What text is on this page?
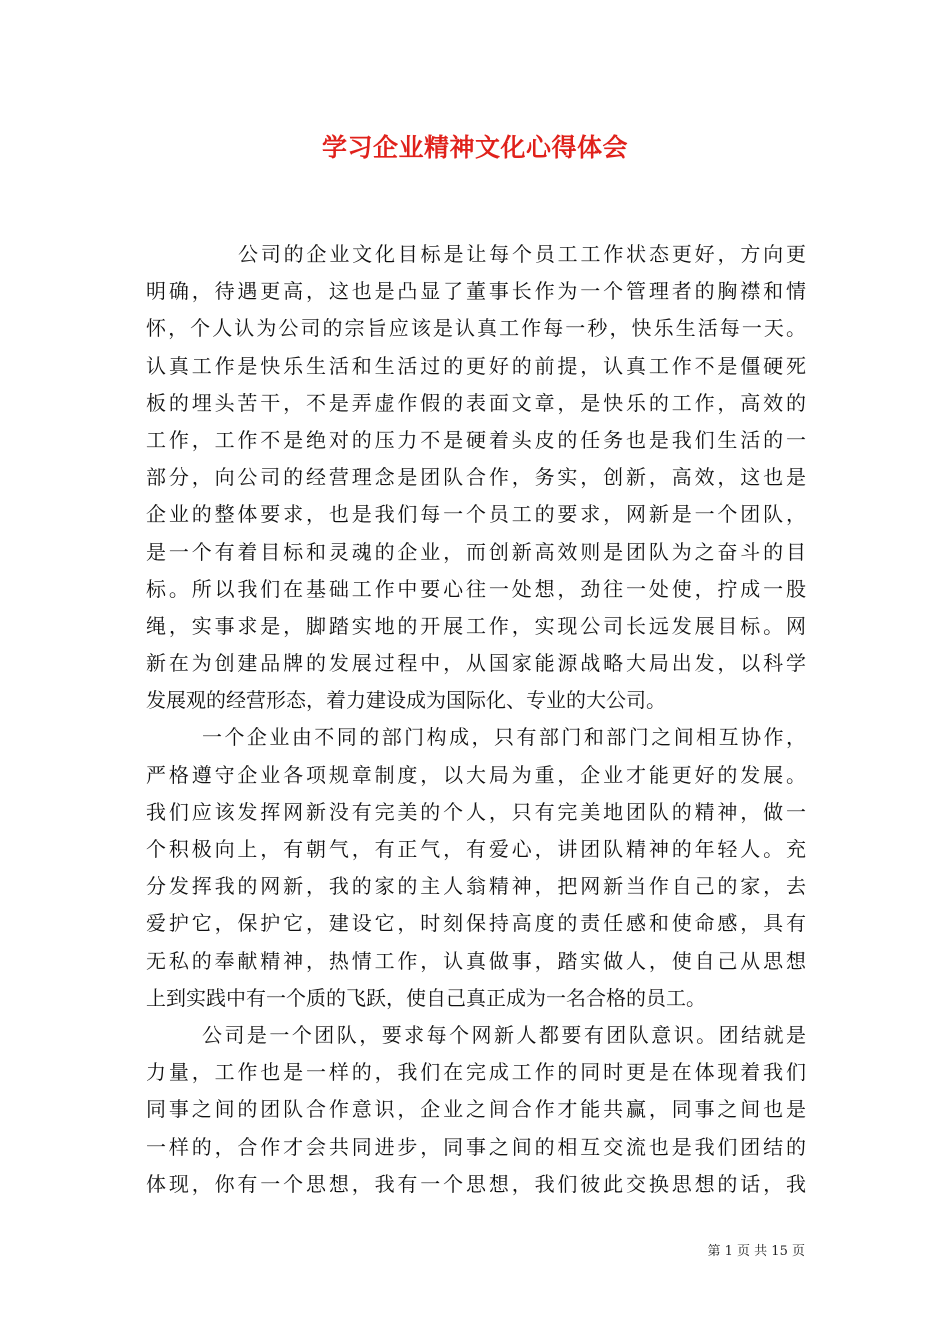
学习企业精神文化心得体会
公司的企业文化目标是让每个员工工作状态更好，方向更
明确，待遇更高，这也是凸显了董事长作为一个管理者的胸襟和情
怀，个人认为公司的宗旨应该是认真工作每一秒，快乐生活每一天。
认真工作是快乐生活和生活过的更好的前提，认真工作不是僵硬死
板的埋头苦干，不是弄虚作假的表面文章，是快乐的工作，高效的
工作，工作不是绝对的压力不是硬着头皮的任务也是我们生活的一
部分，向公司的经营理念是团队合作，务实，创新，高效，这也是
企业的整体要求，也是我们每一个员工的要求，网新是一个团队，
是一个有着目标和灵魂的企业，而创新高效则是团队为之奋斗的目
标。所以我们在基础工作中要心往一处想，劲往一处使，拧成一股
绳，实事求是，脚踏实地的开展工作，实现公司长远发展目标。网
新在为创建品牌的发展过程中，从国家能源战略大局出发，以科学
发展观的经营形态，着力建设成为国际化、专业的大公司。
一个企业由不同的部门构成，只有部门和部门之间相互协作，
严格遵守企业各项规章制度，以大局为重，企业才能更好的发展。
我们应该发挥网新没有完美的个人，只有完美地团队的精神，做一
个积极向上，有朝气，有正气，有爱心，讲团队精神的年轻人。充
分发挥我的网新，我的家的主人翁精神，把网新当作自己的家，去
爱护它，保护它，建设它，时刻保持高度的责任感和使命感，具有
无私的奉献精神，热情工作，认真做事，踏实做人，使自己从思想
上到实践中有一个质的飞跃，使自己真正成为一名合格的员工。
公司是一个团队，要求每个网新人都要有团队意识。团结就是
力量，工作也是一样的，我们在完成工作的同时更是在体现着我们
同事之间的团队合作意识，企业之间合作才能共赢，同事之间也是
一样的，合作才会共同进步，同事之间的相互交流也是我们团结的
体现，你有一个思想，我有一个思想，我们彼此交换思想的话，我
第 1 页 共 15 页
